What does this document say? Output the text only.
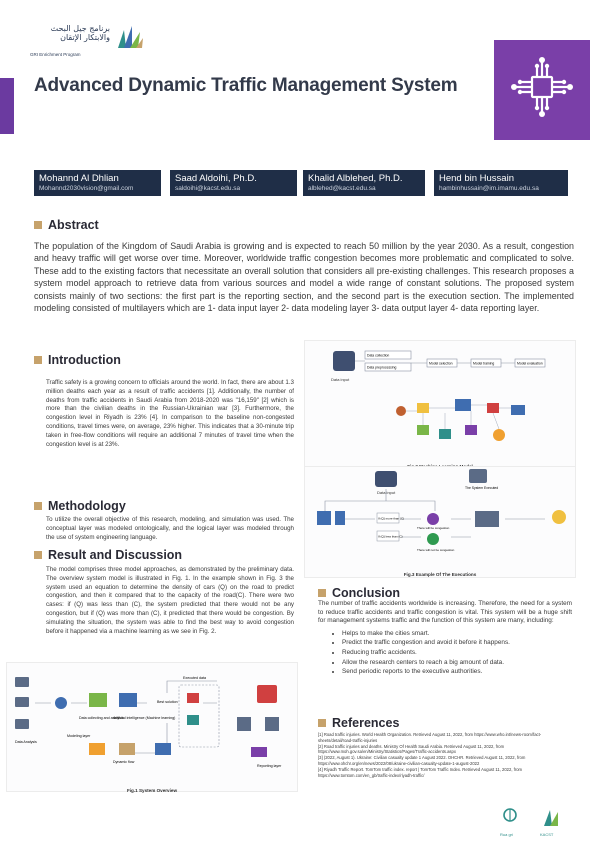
برنامج جيل البحث والابتكار الإتقان
GRI Enrichment Program
Advanced Dynamic Traffic Management System
Mohannd Al Dhlian
Mohannd2030vision@gmail.com
Saad Aldoihi, Ph.D.
saldoihi@kacst.edu.sa
Khalid Alblehed, Ph.D.
alblehed@kacst.edu.sa
Hend bin Hussain
hambinhussain@im.imamu.edu.sa
Abstract
The population of the Kingdom of Saudi Arabia is growing and is expected to reach 50 million by the year 2030. As a result, congestion and heavy traffic will get worse over time. Moreover, worldwide traffic congestion becomes more problematic and complicated to solve. These add to the existing factors that necessitate an overall solution that considers all pre-existing challenges. This research proposes a system model approach to retrieve data from various sources and model a wide range of constant solutions. The proposed system consists mainly of two sections: the first part is the reporting section, and the second part is the execution section. The implemented modeling consisted of multilayers which are 1- data input layer 2- data modeling layer 3- data output layer 4- data reporting layer.
Introduction
Traffic safety is a growing concern to officials around the world. In fact, there are about 1.3 million deaths each year as a result of traffic accidents [1]. Additionally, the number of deaths from traffic accidents in Saudi Arabia from 2018-2020 was "16,159" [2] which is more than the civilian deaths in the Russian-Ukrainian war [3]. Furthermore, the congestion level in Riyadh is 23% [4]. In comparison to the baseline non-congested conditions, travel times were, on average, 23% higher. This indicates that a 30-minute trip taken in free-flow conditions will require an additional 7 minutes of travel time when the congestion level is at 23%.
Methodology
To utilize the overall objective of this research, modeling, and simulation was used. The conceptual layer was modeled ontologically, and the logical layer was modeled through the use of system engineering language.
Result and Discussion
The model comprises three model approaches, as demonstrated by the preliminary data. The overview system model is illustrated in Fig. 1. In the example shown in Fig. 3 the system used an equation to determine the density of cars (Q) on the road to predict congestion, and then it compared that to the capacity of the road(C). There were two cases: if (Q) was less than (C), the system predicted that there would not be any congestion, but if (Q) was more than (C), it predicted that there would be congestion. By simulating the situation, the system was able to find the best way to avoid congestion before it happened via a machine learning as we see in Fig. 2.
Data collecting and analysis
Artificial intelligence (Machine learning)
Best solution
Dynamic flow
Modeling layer
Data Analysis
Executed data
Reporting layer
Fig.1 System Overview
Data input
Data collection
Data preprocessing
Model selection	Model training	Model evaluation
Data input
The System Executed
If (Q) more than (C)
If (Q) less than (C)
There will be congestion
There will not be congestion
Fig.3 Example Of The Executions
Conclusion
The number of traffic accidents worldwide is increasing. Therefore, the need for a system to reduce traffic accidents and traffic congestion is vital. This system will be a huge shift for management systems traffic and the function of this system are many, including:
• Helps to make the cities smart.
• Predict the traffic congestion and avoid it before it happens.
• Reducing traffic accidents.
• Allow the research centers to reach a big amount of data.
• Send periodic reports to the executive authorities.
References
[1] Road traffic injuries. World Health Organization. Retrieved August 11, 2022, from https://www.who.int/news-room/fact-sheets/detail/road-traffic-injuries
[2] Road traffic injuries and deaths. Ministry Of Health Saudi Arabia. Retrieved August 11, 2022, from https://www.moh.gov.sa/en/Ministry/Statistics/Pages/Traffic-accidents.aspx
[3] (2022, August 1). Ukraine: Civilian casualty update 1 August 2022. OHCHR. Retrieved August 11, 2022, from https://www.ohchr.org/en/news/2022/08/ukraine-civilian-casualty-update-1-august-2022
[4] Riyadh Traffic Report. TomTom traffic index. report | TomTom Traffic Index. Retrieved August 11, 2022, from https://www.tomtom.com/en_gb/traffic-index/riyadh-traffic/
Rua gri	KACST
